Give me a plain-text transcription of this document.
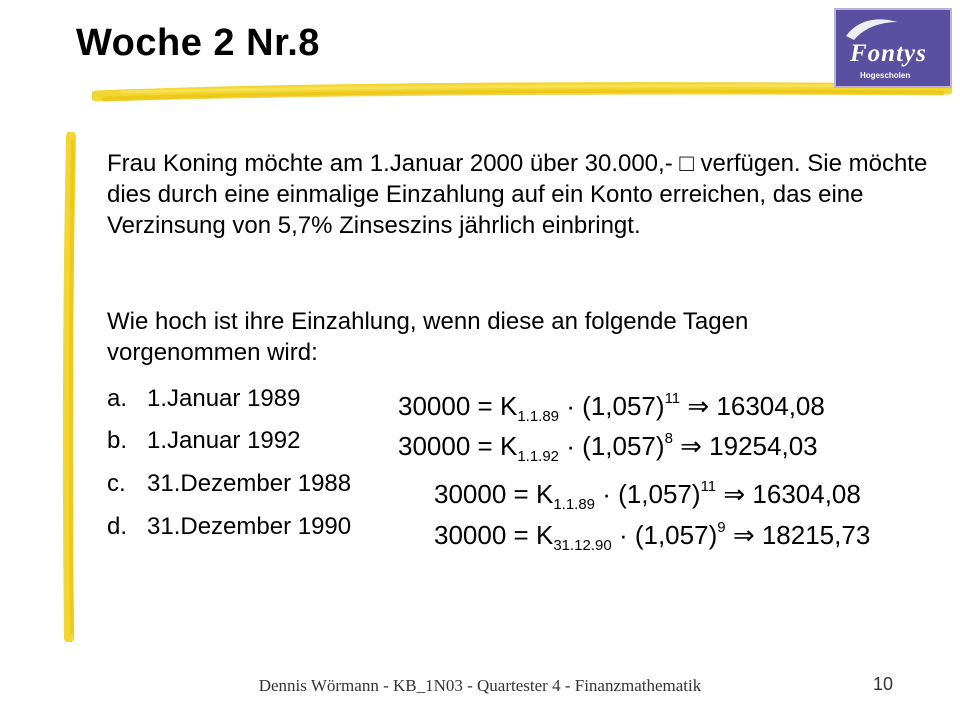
Woche 2 Nr.8	Fontys
Hogescholen

Frau Koning möchte am 1.Januar 2000 über 30.000,- □ verfügen. Sie möchte dies durch eine einmalige Einzahlung auf ein Konto erreichen, das eine Verzinsung von 5,7% Zinseszins jährlich einbringt.

Wie hoch ist ihre Einzahlung, wenn diese an folgende Tagen vorgenommen wird:

a. 1.Januar 1989
b. 1.Januar 1992
c. 31.Dezember 1988
d. 31.Dezember 1990
$30000 = K_{1.1.89} \cdot (1,057)^{11}$ ⇒ 16304,08
$30000 = K_{1.1.92} \cdot (1,057)^8$ ⇒ 19254,03
$30000 = K_{1.1.89} \cdot (1,057)^{11}$ ⇒ 16304,08
$30000 = K_{31.12.90} \cdot (1,057)^9$ ⇒ 18215,73
Dennis Wörmann - KB_1N03 - Quartester 4 - Finanzmathematik	10
